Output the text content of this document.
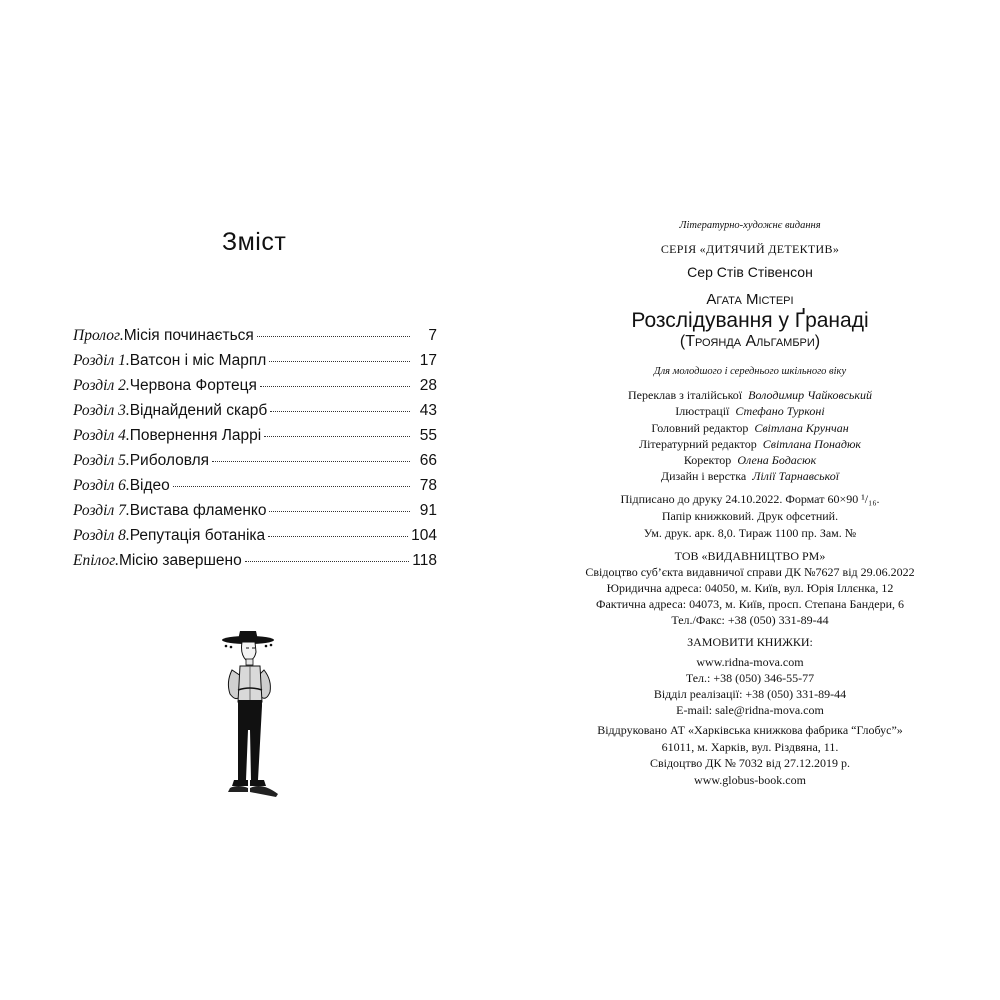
Зміст
Пролог. Місія починається	7
Розділ 1. Ватсон і міс Марпл	17
Розділ 2. Червона Фортеця	28
Розділ 3. Віднайдений скарб	43
Розділ 4. Повернення Ларрі	55
Розділ 5. Риболовля	66
Розділ 6. Відео	78
Розділ 7. Вистава фламенко	91
Розділ 8. Репутація ботаніка	104
Епілог. Місію завершено	118
Літературно-художнє видання
СЕРІЯ «ДИТЯЧИЙ ДЕТЕКТИВ»
Сер Стів Стівенсон
Агата Містері
Розслідування у Ґранаді
(Троянда Альгамбри)
Для молодшого і середнього шкільного віку
Переклав з італійської Володимир Чайковський
Ілюстрації Стефано Турконі
Головний редактор Світлана Крунчан
Літературний редактор Світлана Понадюк
Коректор Олена Бодасюк
Дизайн і верстка Лілії Тарнавської
Підписано до друку 24.10.2022. Формат 60×90 ¹/₁₆.
Папір книжковий. Друк офсетний.
Ум. друк. арк. 8,0. Тираж 1100 пр. Зам. №
ТОВ «ВИДАВНИЦТВО РМ»
Свідоцтво суб’єкта видавничої справи ДК №7627 від 29.06.2022
Юридична адреса: 04050, м. Київ, вул. Юрія Іллєнка, 12
Фактична адреса: 04073, м. Київ, просп. Степана Бандери, 6
Тел./Факс: +38 (050) 331-89-44
ЗАМОВИТИ КНИЖКИ:
www.ridna-mova.com
Тел.: +38 (050) 346-55-77
Відділ реалізації: +38 (050) 331-89-44
E-mail: sale@ridna-mova.com
Віддруковано АТ «Харківська книжкова фабрика “Глобус”»
61011, м. Харків, вул. Різдвяна, 11.
Свідоцтво ДК № 7032 від 27.12.2019 р.
www.globus-book.com
